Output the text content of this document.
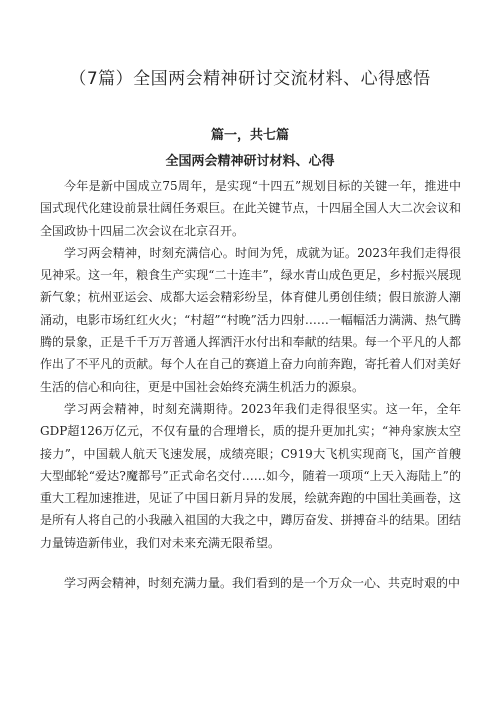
（7篇）全国两会精神研讨交流材料、心得感悟
篇一，共七篇
全国两会精神研讨材料、心得

今年是新中国成立75周年，是实现“十四五”规划目标的关键一年，推进中国式现代化建设前景壮阔任务艰巨。在此关键节点，十四届全国人大二次会议和全国政协十四届二次会议在北京召开。

学习两会精神，时刻充满信心。时间为凭，成就为证。2023年我们走得很见神采。这一年，粮食生产实现“二十连丰”，绿水青山成色更足，乡村振兴展现新气象；杭州亚运会、成都大运会精彩纷呈，体育健儿勇创佳绩；假日旅游人潮涌动，电影市场红红火火；“村超”“村晚”活力四射……一幅幅活力满满、热气腾腾的景象，正是千千万万普通人挥洒汗水付出和奉献的结果。每一个平凡的人都作出了不平凡的贡献。每个人在自己的赛道上奋力向前奔跑，寄托着人们对美好生活的信心和向往，更是中国社会始终充满生机活力的源泉。

学习两会精神，时刻充满期待。2023年我们走得很坚实。这一年，全年GDP超126万亿元，不仅有量的合理增长，质的提升更加扎实；“神舟家族太空接力”，中国载人航天飞速发展，成绩亮眼；C919大飞机实现商飞，国产首艘大型邮轮“爱达?魔都号”正式命名交付……如今，随着一项项“上天入海陆上”的重大工程加速推进，见证了中国日新月异的发展，绘就奔跑的中国壮美画卷，这是所有人将自己的小我融入祖国的大我之中，蹲厉奋发、拼搏奋斗的结果。团结力量铸造新伟业，我们对未来充满无限希望。

学习两会精神，时刻充满力量。我们看到的是一个万众一心、共克时艰的中
